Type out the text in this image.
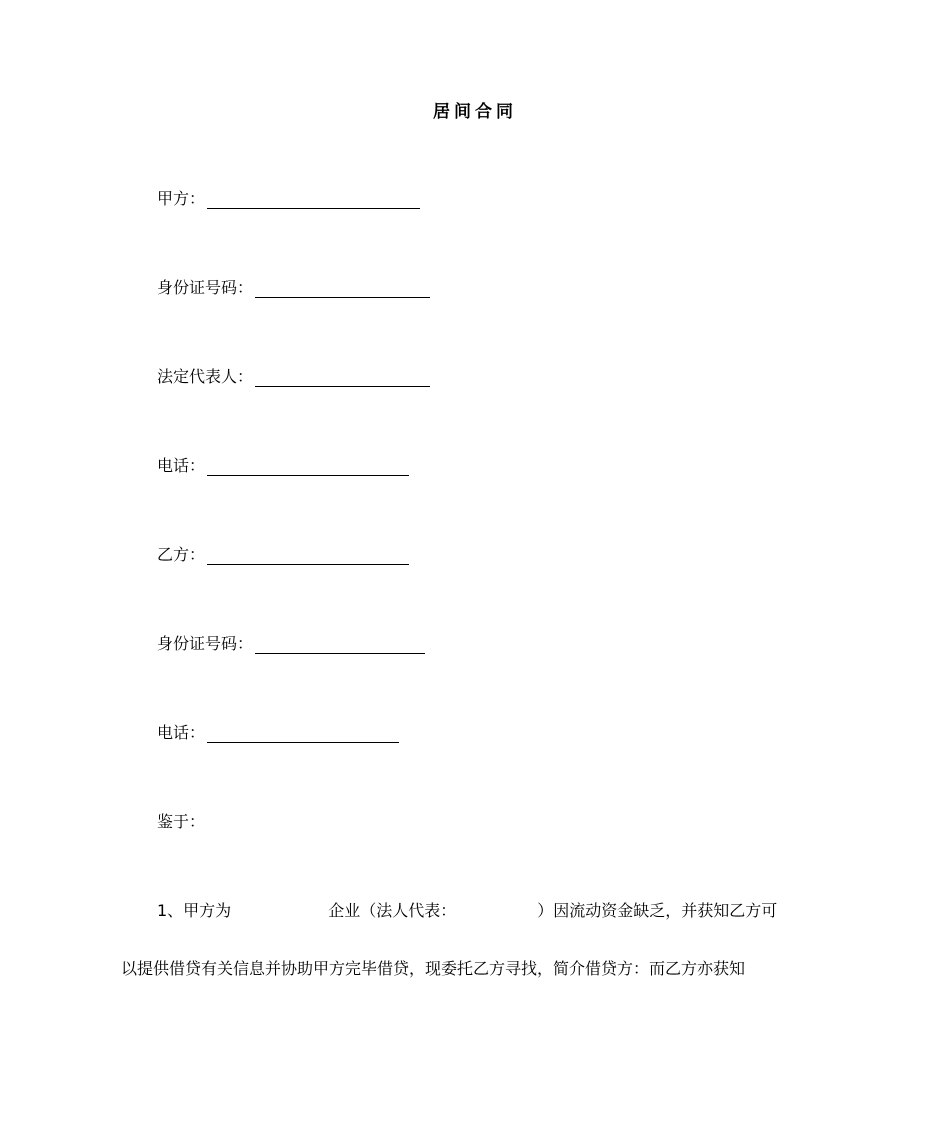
居间合同
甲方：
身份证号码：
法定代表人：
电话：
乙方：
身份证号码：
电话：
鉴于：
1、甲方为	企业（法人代表：	）因流动资金缺乏，并获知乙方可
以提供借贷有关信息并协助甲方完毕借贷，现委托乙方寻找，简介借贷方：而乙方亦获知
